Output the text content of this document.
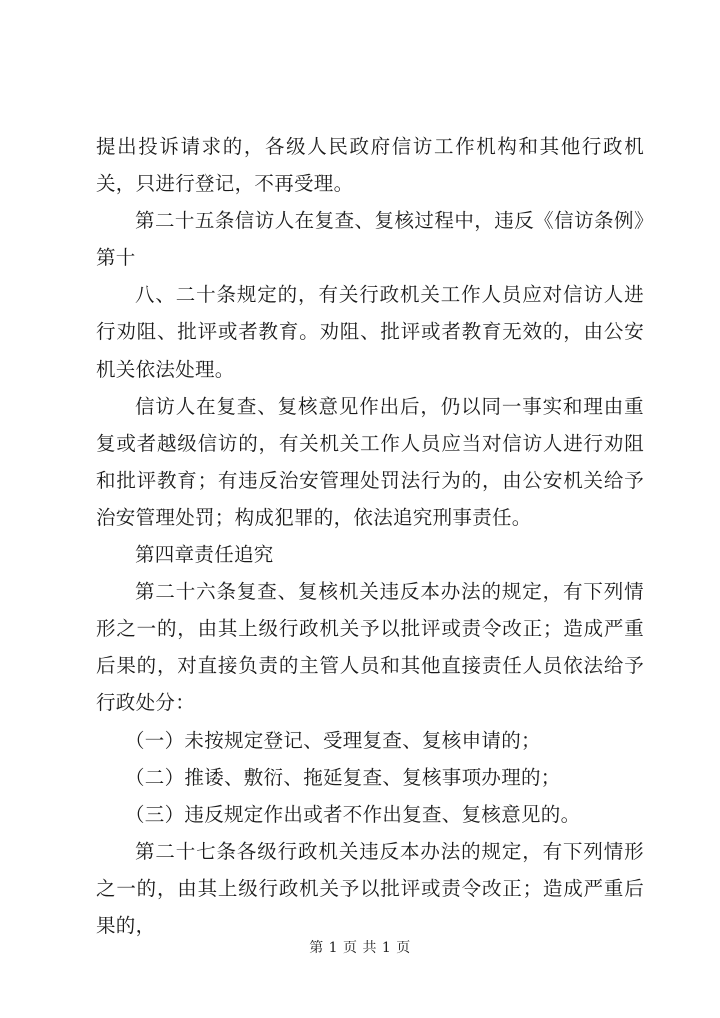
提出投诉请求的，各级人民政府信访工作机构和其他行政机关，只进行登记，不再受理。

第二十五条信访人在复查、复核过程中，违反《信访条例》第十

八、二十条规定的，有关行政机关工作人员应对信访人进行劝阻、批评或者教育。劝阻、批评或者教育无效的，由公安机关依法处理。

信访人在复查、复核意见作出后，仍以同一事实和理由重复或者越级信访的，有关机关工作人员应当对信访人进行劝阻和批评教育；有违反治安管理处罚法行为的，由公安机关给予治安管理处罚；构成犯罪的，依法追究刑事责任。

第四章责任追究

第二十六条复查、复核机关违反本办法的规定，有下列情形之一的，由其上级行政机关予以批评或责令改正；造成严重后果的，对直接负责的主管人员和其他直接责任人员依法给予行政处分：

（一）未按规定登记、受理复查、复核申请的；

（二）推诿、敷衍、拖延复查、复核事项办理的；

（三）违反规定作出或者不作出复查、复核意见的。

第二十七条各级行政机关违反本办法的规定，有下列情形之一的，由其上级行政机关予以批评或责令改正；造成严重后果的，

第 1 页 共 1 页
